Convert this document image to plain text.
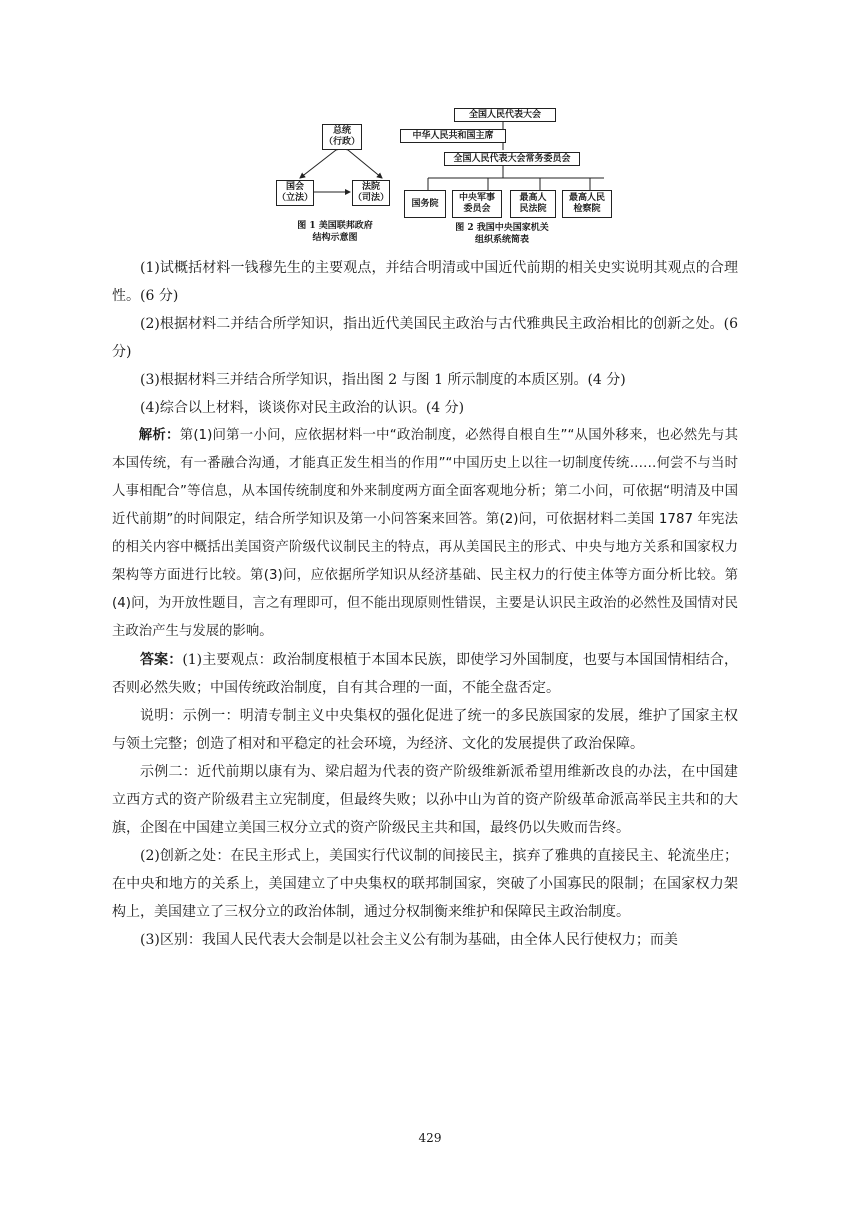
总统
（行政）
国会
（立法）
法院
（司法）
图 1 美国联邦政府
结构示意图
全国人民代表大会
中华人民共和国主席
全国人民代表大会常务委员会
国务院
中央军事
委员会
最高人
民法院
最高人民
检察院
图 2 我国中央国家机关
组织系统简表

(1)试概括材料一钱穆先生的主要观点，并结合明清或中国近代前期的相关史实说明其观点的合理性。(6 分)

(2)根据材料二并结合所学知识，指出近代美国民主政治与古代雅典民主政治相比的创新之处。(6 分)

(3)根据材料三并结合所学知识，指出图 2 与图 1 所示制度的本质区别。(4 分)

(4)综合以上材料，谈谈你对民主政治的认识。(4 分)

解析：第(1)问第一小问，应依据材料一中“政治制度，必然得自根自生”“从国外移来，也必然先与其本国传统，有一番融合沟通，才能真正发生相当的作用”“中国历史上以往一切制度传统……何尝不与当时人事相配合”等信息，从本国传统制度和外来制度两方面全面客观地分析；第二小问，可依据“明清及中国近代前期”的时间限定，结合所学知识及第一小问答案来回答。第(2)问，可依据材料二美国 1787 年宪法的相关内容中概括出美国资产阶级代议制民主的特点，再从美国民主的形式、中央与地方关系和国家权力架构等方面进行比较。第(3)问，应依据所学知识从经济基础、民主权力的行使主体等方面分析比较。第(4)问，为开放性题目，言之有理即可，但不能出现原则性错误，主要是认识民主政治的必然性及国情对民主政治产生与发展的影响。

答案：(1)主要观点：政治制度根植于本国本民族，即使学习外国制度，也要与本国国情相结合，否则必然失败；中国传统政治制度，自有其合理的一面，不能全盘否定。

说明：示例一：明清专制主义中央集权的强化促进了统一的多民族国家的发展，维护了国家主权与领土完整；创造了相对和平稳定的社会环境，为经济、文化的发展提供了政治保障。

示例二：近代前期以康有为、梁启超为代表的资产阶级维新派希望用维新改良的办法，在中国建立西方式的资产阶级君主立宪制度，但最终失败；以孙中山为首的资产阶级革命派高举民主共和的大旗，企图在中国建立美国三权分立式的资产阶级民主共和国，最终仍以失败而告终。

(2)创新之处：在民主形式上，美国实行代议制的间接民主，摈弃了雅典的直接民主、轮流坐庄；在中央和地方的关系上，美国建立了中央集权的联邦制国家，突破了小国寡民的限制；在国家权力架构上，美国建立了三权分立的政治体制，通过分权制衡来维护和保障民主政治制度。

(3)区别：我国人民代表大会制是以社会主义公有制为基础，由全体人民行使权力；而美

429
